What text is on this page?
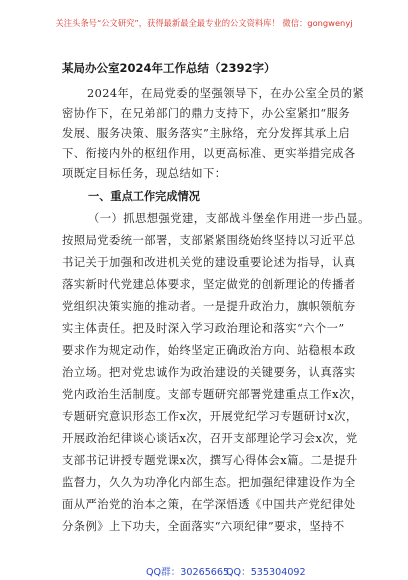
关注头条号“公文研究”，获得最新最全最专业的公文资料库！ 微信：gongwenyj
某局办公室2024年工作总结（2392字）
2024年，在局党委的坚强领导下，在办公室全员的紧
密协作下，在兄弟部门的鼎力支持下，办公室紧扣“服务
发展、服务决策、服务落实”主脉络，充分发挥其承上启
下、衔接内外的枢纽作用，以更高标准、更实举措完成各
项既定目标任务，现总结如下：
一、重点工作完成情况
（一）抓思想强党建，支部战斗堡垒作用进一步凸显。
按照局党委统一部署，支部紧紧围绕始终坚持以习近平总
书记关于加强和改进机关党的建设重要论述为指导，认真
落实新时代党建总体要求，坚定做党的创新理论的传播者
党组织决策实施的推动者。一是提升政治力，旗帜领航夯
实主体责任。把及时深入学习政治理论和落实“六个一”
要求作为规定动作，始终坚定正确政治方向、站稳根本政
治立场。把对党忠诚作为政治建设的关键要务，认真落实
党内政治生活制度。支部专题研究部署党建重点工作x次，
专题研究意识形态工作x次，开展党纪学习专题研讨x次，
开展政治纪律谈心谈话x次，召开支部理论学习会x次，党
支部书记讲授专题党课x次，撰写心得体会x篇。二是提升
监督力，久久为功净化内部生态。把加强纪律建设作为全
面从严治党的治本之策，在学深悟透《中国共产党纪律处
分条例》上下功夫，全面落实“六项纪律”要求，坚持不
QQ群：30265665
QQ：535304092
